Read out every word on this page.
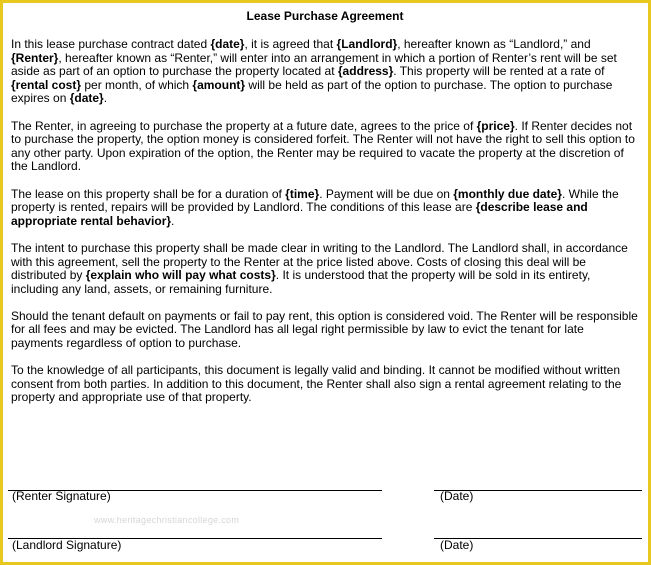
Lease Purchase Agreement

In this lease purchase contract dated {date}, it is agreed that {Landlord}, hereafter known as “Landlord,” and {Renter}, hereafter known as “Renter,” will enter into an arrangement in which a portion of Renter’s rent will be set aside as part of an option to purchase the property located at {address}. This property will be rented at a rate of {rental cost} per month, of which {amount} will be held as part of the option to purchase. The option to purchase expires on {date}.

The Renter, in agreeing to purchase the property at a future date, agrees to the price of {price}. If Renter decides not to purchase the property, the option money is considered forfeit. The Renter will not have the right to sell this option to any other party. Upon expiration of the option, the Renter may be required to vacate the property at the discretion of the Landlord.

The lease on this property shall be for a duration of {time}. Payment will be due on {monthly due date}. While the property is rented, repairs will be provided by Landlord. The conditions of this lease are {describe lease and appropriate rental behavior}.

The intent to purchase this property shall be made clear in writing to the Landlord. The Landlord shall, in accordance with this agreement, sell the property to the Renter at the price listed above. Costs of closing this deal will be distributed by {explain who will pay what costs}. It is understood that the property will be sold in its entirety, including any land, assets, or remaining furniture.

Should the tenant default on payments or fail to pay rent, this option is considered void. The Renter will be responsible for all fees and may be evicted. The Landlord has all legal right permissible by law to evict the tenant for late payments regardless of option to purchase.

To the knowledge of all participants, this document is legally valid and binding. It cannot be modified without written consent from both parties. In addition to this document, the Renter shall also sign a rental agreement relating to the property and appropriate use of that property.

(Renter Signature)	(Date)
www.heritagechristiancollege.com
(Landlord Signature)	(Date)
